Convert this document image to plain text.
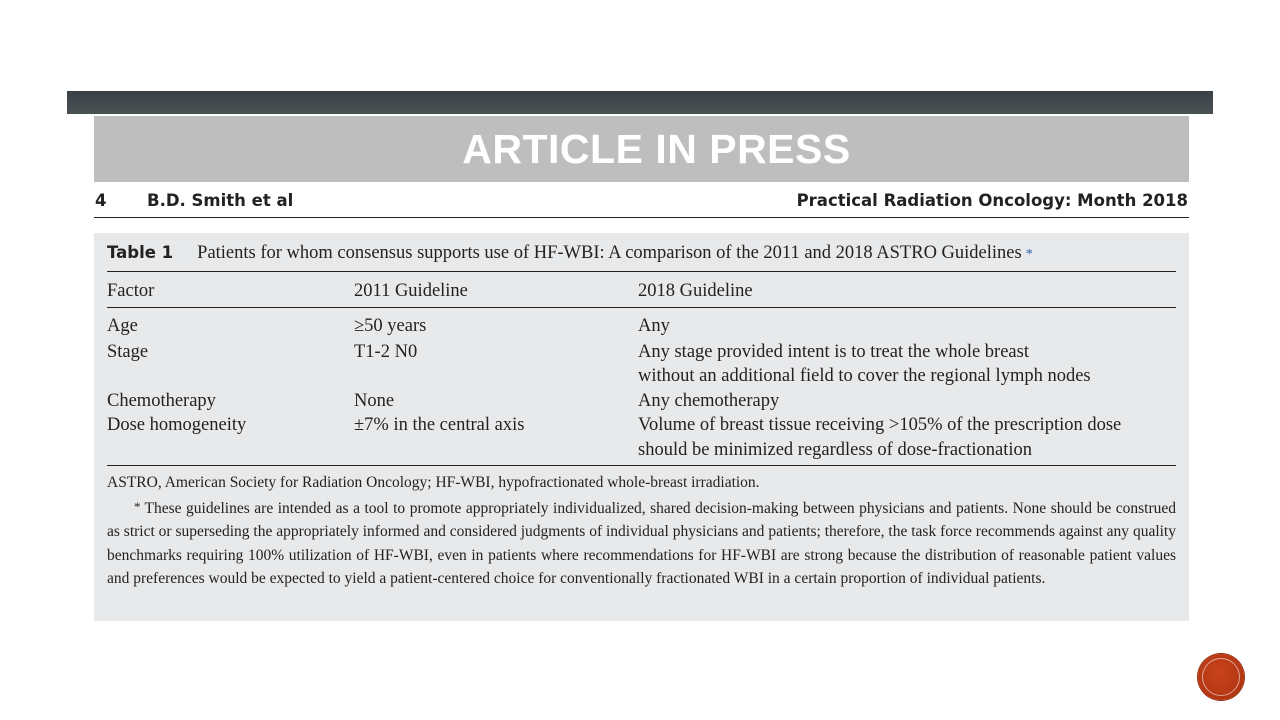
ARTICLE IN PRESS
4 B.D. Smith et al	Practical Radiation Oncology: Month 2018
Table 1 Patients for whom consensus supports use of HF-WBI: A comparison of the 2011 and 2018 ASTRO Guidelines *
Factor	2011 Guideline	2018 Guideline
Age	≥50 years	Any
Stage	T1-2 N0	Any stage provided intent is to treat the whole breast
without an additional field to cover the regional lymph nodes
Chemotherapy	None	Any chemotherapy
Dose homogeneity	±7% in the central axis	Volume of breast tissue receiving >105% of the prescription dose
should be minimized regardless of dose-fractionation
ASTRO, American Society for Radiation Oncology; HF-WBI, hypofractionated whole-breast irradiation.
* These guidelines are intended as a tool to promote appropriately individualized, shared decision-making between physicians and patients. None should be construed as strict or superseding the appropriately informed and considered judgments of individual physicians and patients; therefore, the task force recommends against any quality benchmarks requiring 100% utilization of HF-WBI, even in patients where recommendations for HF-WBI are strong because the distribution of reasonable patient values and preferences would be expected to yield a patient-centered choice for conventionally fractionated WBI in a certain proportion of individual patients.
